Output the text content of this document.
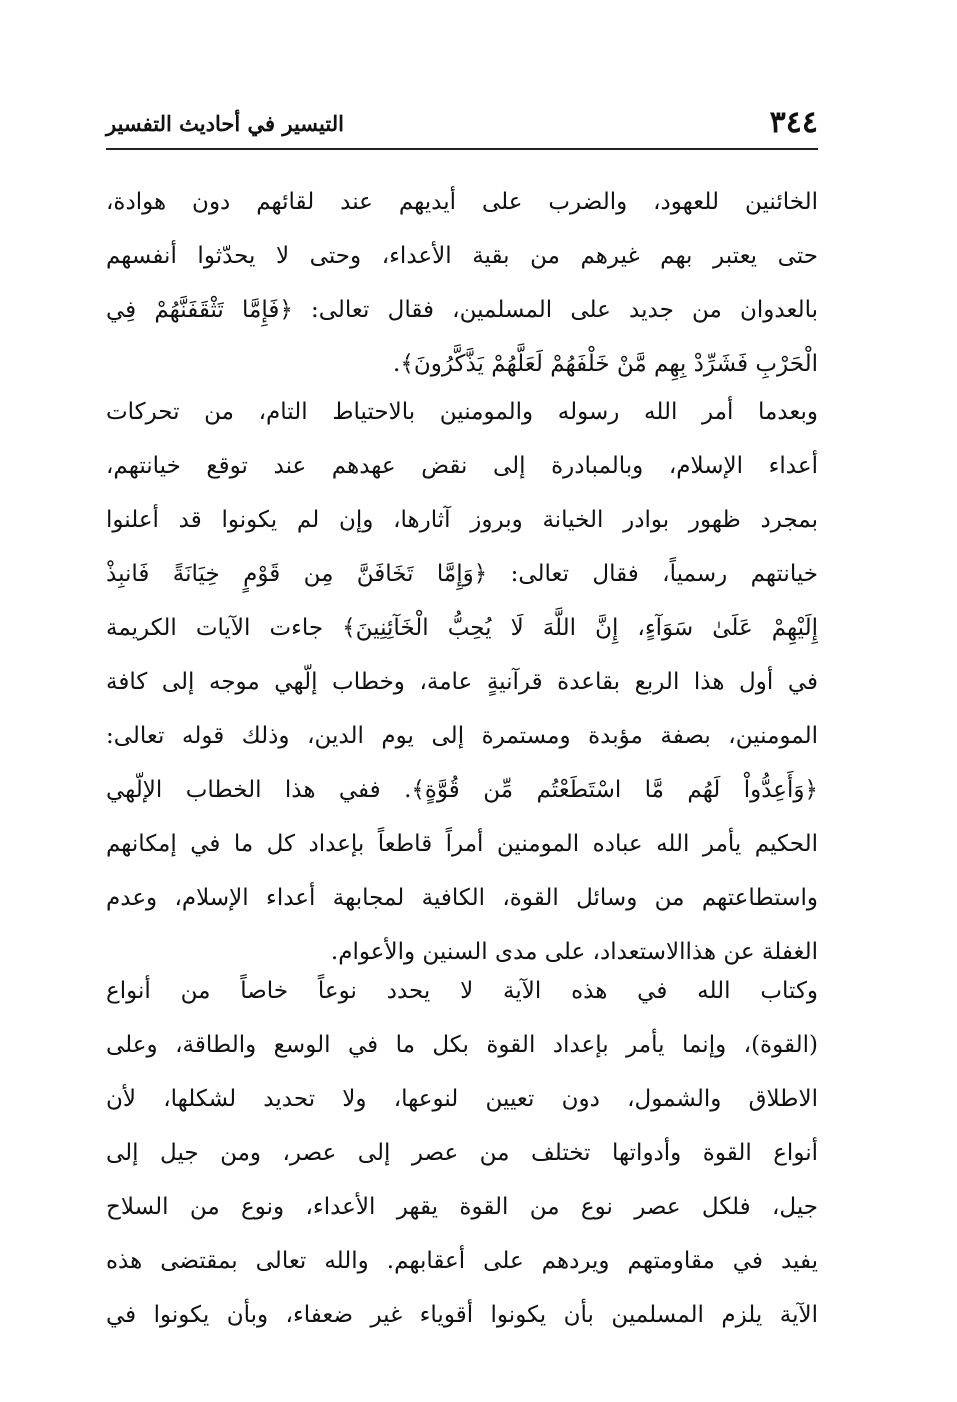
٣٤٤
التيسير في أحاديث التفسير
الخائنين للعهود، والضرب على أيديهم عند لقائهم دون هوادة،
حتى يعتبر بهم غيرهم من بقية الأعداء، وحتى لا يحدّثوا أنفسهم
بالعدوان من جديد على المسلمين، فقال تعالى: ﴿فَإِمَّا تَثْقَفَنَّهُمْ فِي
الْحَرْبِ فَشَرِّدْ بِهِم مَّنْ خَلْفَهُمْ لَعَلَّهُمْ يَذَّكَّرُونَ﴾.
وبعدما أمر الله رسوله والمومنين بالاحتياط التام، من تحركات
أعداء الإسلام، وبالمبادرة إلى نقض عهدهم عند توقع خيانتهم،
بمجرد ظهور بوادر الخيانة وبروز آثارها، وإن لم يكونوا قد أعلنوا
خيانتهم رسمياً، فقال تعالى: ﴿وَإِمَّا تَخَافَنَّ مِن قَوْمٍ خِيَانَةً فَانبِذْ
إِلَيْهِمْ عَلَىٰ سَوَآءٍ، إِنَّ اللَّهَ لَا يُحِبُّ الْخَآئِنِينَ﴾ جاءت الآيات الكريمة
في أول هذا الربع بقاعدة قرآنيةٍ عامة، وخطاب إلّهي موجه إلى كافة
المومنين، بصفة مؤبدة ومستمرة إلى يوم الدين، وذلك قوله تعالى:
﴿وَأَعِدُّواْ لَهُم مَّا اسْتَطَعْتُم مِّن قُوَّةٍ﴾. ففي هذا الخطاب الإلّهي
الحكيم يأمر الله عباده المومنين أمراً قاطعاً بإعداد كل ما في إمكانهم
واستطاعتهم من وسائل القوة، الكافية لمجابهة أعداء الإسلام، وعدم
الغفلة عن هذاالاستعداد، على مدى السنين والأعوام.
وكتاب الله في هذه الآية لا يحدد نوعاً خاصاً من أنواع
(القوة)، وإنما يأمر بإعداد القوة بكل ما في الوسع والطاقة، وعلى
الاطلاق والشمول، دون تعيين لنوعها، ولا تحديد لشكلها، لأن
أنواع القوة وأدواتها تختلف من عصر إلى عصر، ومن جيل إلى
جيل، فلكل عصر نوع من القوة يقهر الأعداء، ونوع من السلاح
يفيد في مقاومتهم ويردهم على أعقابهم. والله تعالى بمقتضى هذه
الآية يلزم المسلمين بأن يكونوا أقوياء غير ضعفاء، وبأن يكونوا في
